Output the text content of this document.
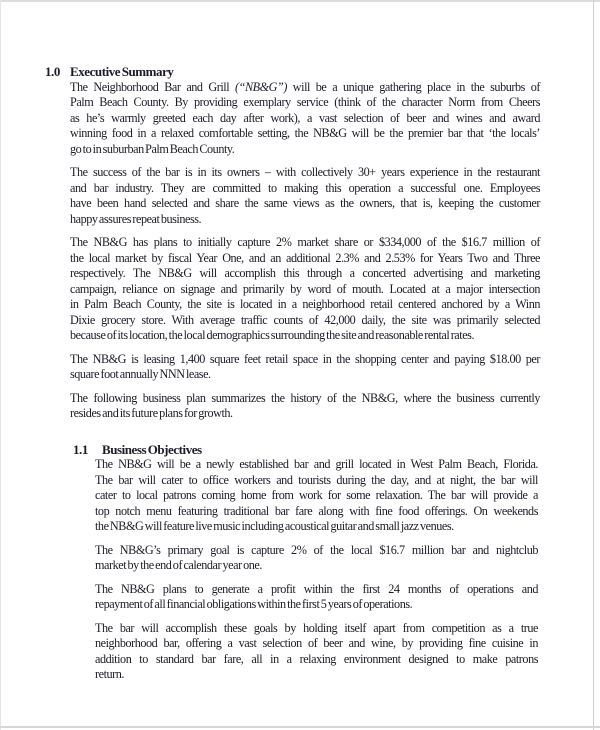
1.0 Executive Summary
The Neighborhood Bar and Grill (“NB&G”) will be a unique gathering place in the suburbs of
Palm Beach County. By providing exemplary service (think of the character Norm from Cheers
as he’s warmly greeted each day after work), a vast selection of beer and wines and award
winning food in a relaxed comfortable setting, the NB&G will be the premier bar that ‘the locals’
go to in suburban Palm Beach County.
The success of the bar is in its owners – with collectively 30+ years experience in the restaurant
and bar industry. They are committed to making this operation a successful one. Employees
have been hand selected and share the same views as the owners, that is, keeping the customer
happy assures repeat business.
The NB&G has plans to initially capture 2% market share or $334,000 of the $16.7 million of
the local market by fiscal Year One, and an additional 2.3% and 2.53% for Years Two and Three
respectively. The NB&G will accomplish this through a concerted advertising and marketing
campaign, reliance on signage and primarily by word of mouth. Located at a major intersection
in Palm Beach County, the site is located in a neighborhood retail centered anchored by a Winn
Dixie grocery store. With average traffic counts of 42,000 daily, the site was primarily selected
because of its location, the local demographics surrounding the site and reasonable rental rates.
The NB&G is leasing 1,400 square feet retail space in the shopping center and paying $18.00 per
square foot annually NNN lease.
The following business plan summarizes the history of the NB&G, where the business currently
resides and its future plans for growth.
1.1 Business Objectives
The NB&G will be a newly established bar and grill located in West Palm Beach, Florida.
The bar will cater to office workers and tourists during the day, and at night, the bar will
cater to local patrons coming home from work for some relaxation. The bar will provide a
top notch menu featuring traditional bar fare along with fine food offerings. On weekends
the NB&G will feature live music including acoustical guitar and small jazz venues.
The NB&G’s primary goal is capture 2% of the local $16.7 million bar and nightclub
market by the end of calendar year one.
The NB&G plans to generate a profit within the first 24 months of operations and
repayment of all financial obligations within the first 5 years of operations.
The bar will accomplish these goals by holding itself apart from competition as a true
neighborhood bar, offering a vast selection of beer and wine, by providing fine cuisine in
addition to standard bar fare, all in a relaxing environment designed to make patrons
return.
